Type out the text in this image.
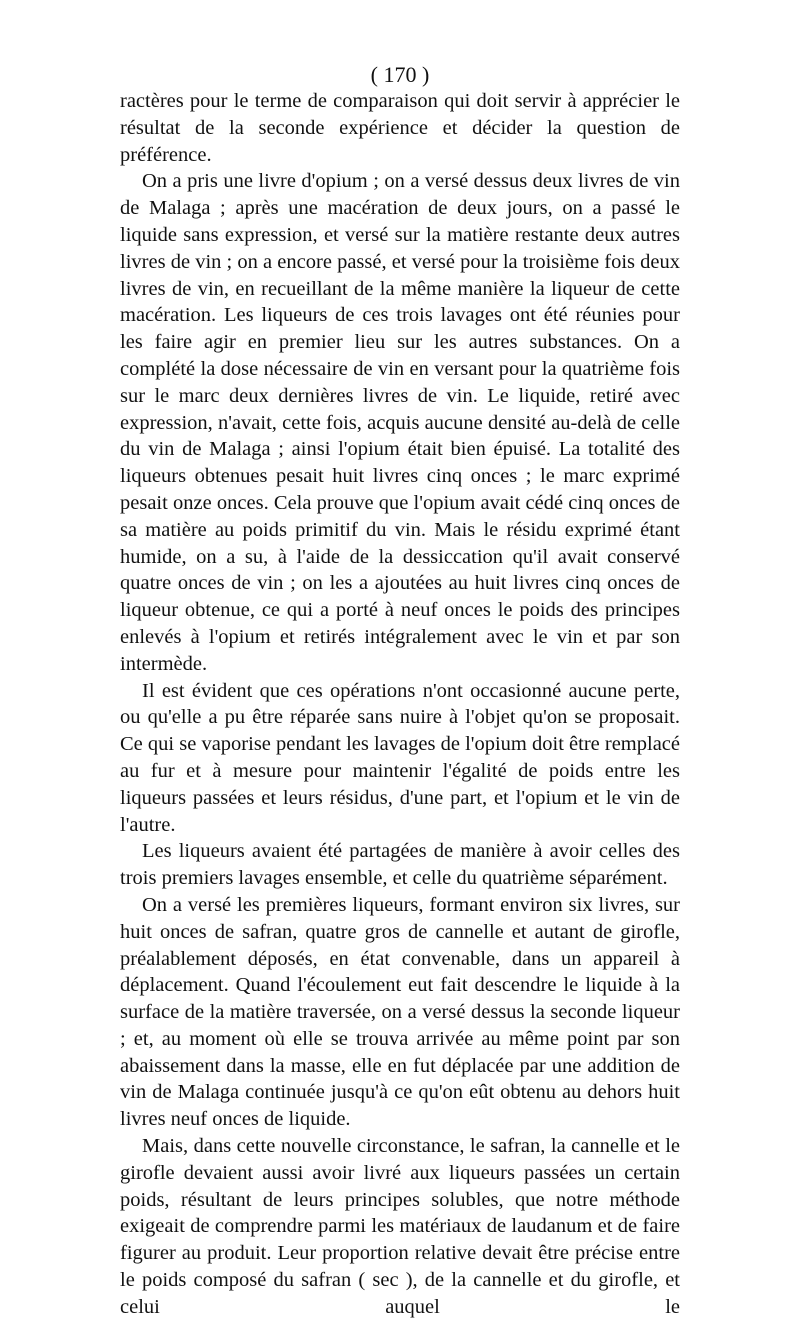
( 170 )

ractères pour le terme de comparaison qui doit servir à apprécier le résultat de la seconde expérience et décider la question de préférence.

On a pris une livre d'opium ; on a versé dessus deux livres de vin de Malaga ; après une macération de deux jours, on a passé le liquide sans expression, et versé sur la matière restante deux autres livres de vin ; on a encore passé, et versé pour la troisième fois deux livres de vin, en recueillant de la même manière la liqueur de cette macération. Les liqueurs de ces trois lavages ont été réunies pour les faire agir en premier lieu sur les autres substances. On a complété la dose nécessaire de vin en versant pour la quatrième fois sur le marc deux dernières livres de vin. Le liquide, retiré avec expression, n'avait, cette fois, acquis aucune densité au-delà de celle du vin de Malaga ; ainsi l'opium était bien épuisé. La totalité des liqueurs obtenues pesait huit livres cinq onces ; le marc exprimé pesait onze onces. Cela prouve que l'opium avait cédé cinq onces de sa matière au poids primitif du vin. Mais le résidu exprimé étant humide, on a su, à l'aide de la dessiccation qu'il avait conservé quatre onces de vin ; on les a ajoutées au huit livres cinq onces de liqueur obtenue, ce qui a porté à neuf onces le poids des principes enlevés à l'opium et retirés intégralement avec le vin et par son intermède.

Il est évident que ces opérations n'ont occasionné aucune perte, ou qu'elle a pu être réparée sans nuire à l'objet qu'on se proposait. Ce qui se vaporise pendant les lavages de l'opium doit être remplacé au fur et à mesure pour maintenir l'égalité de poids entre les liqueurs passées et leurs résidus, d'une part, et l'opium et le vin de l'autre.

Les liqueurs avaient été partagées de manière à avoir celles des trois premiers lavages ensemble, et celle du quatrième séparément.

On a versé les premières liqueurs, formant environ six livres, sur huit onces de safran, quatre gros de cannelle et autant de girofle, préalablement déposés, en état convenable, dans un appareil à déplacement. Quand l'écoulement eut fait descendre le liquide à la surface de la matière traversée, on a versé dessus la seconde liqueur ; et, au moment où elle se trouva arrivée au même point par son abaissement dans la masse, elle en fut déplacée par une addition de vin de Malaga continuée jusqu'à ce qu'on eût obtenu au dehors huit livres neuf onces de liquide.

Mais, dans cette nouvelle circonstance, le safran, la cannelle et le girofle devaient aussi avoir livré aux liqueurs passées un certain poids, résultant de leurs principes solubles, que notre méthode exigeait de comprendre parmi les matériaux de laudanum et de faire figurer au produit. Leur proportion relative devait être précise entre le poids composé du safran ( sec ), de la cannelle et du girofle, et celui auquel le
